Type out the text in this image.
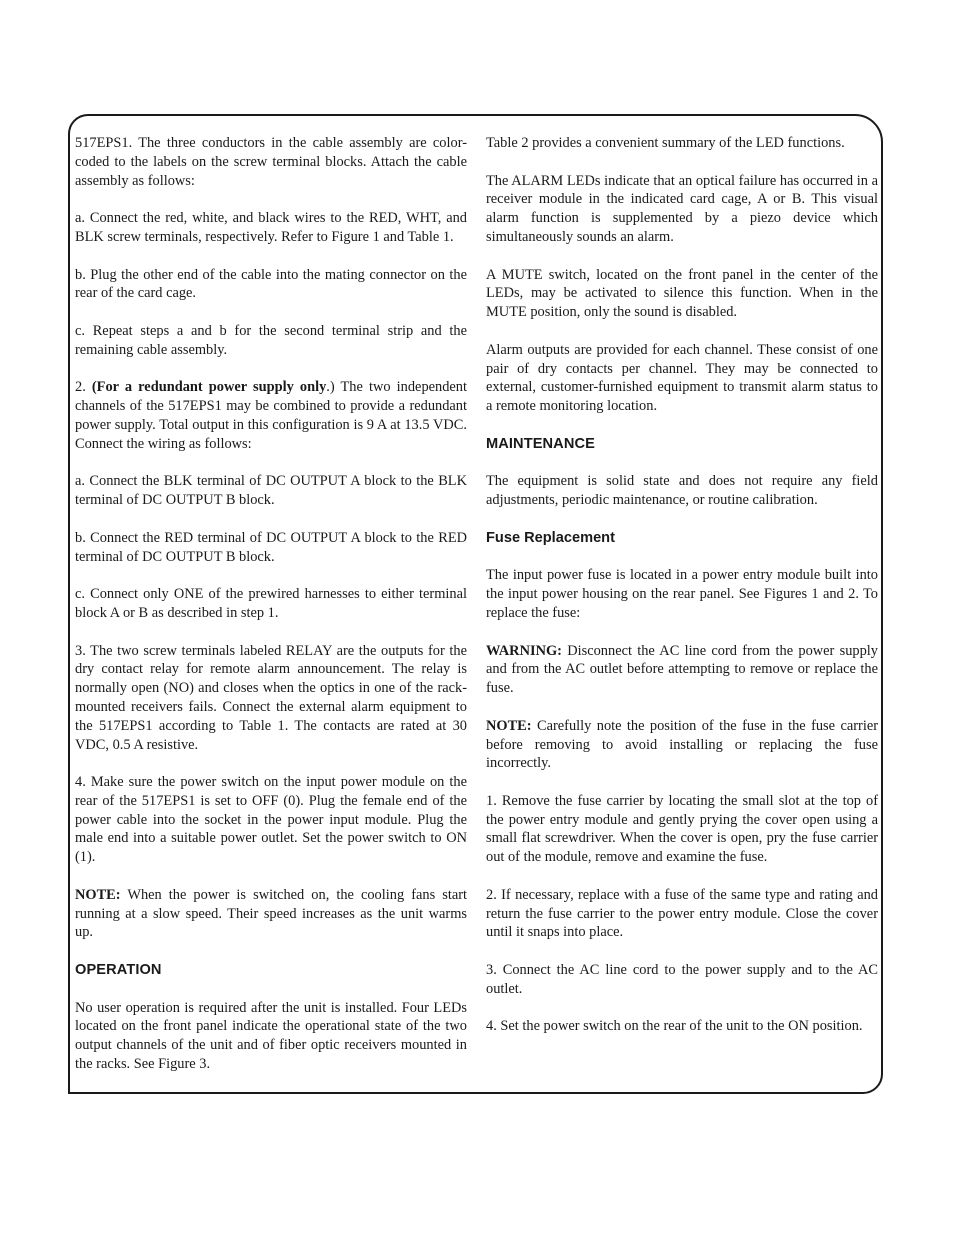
517EPS1. The three conductors in the cable assembly are color-coded to the labels on the screw terminal blocks. Attach the cable assembly as follows:

a. Connect the red, white, and black wires to the RED, WHT, and BLK screw terminals, respectively. Refer to Figure 1 and Table 1.

b. Plug the other end of the cable into the mating connector on the rear of the card cage.

c. Repeat steps a and b for the second terminal strip and the remaining cable assembly.

2. (For a redundant power supply only.) The two independent channels of the 517EPS1 may be combined to provide a redundant power supply. Total output in this configuration is 9 A at 13.5 VDC. Connect the wiring as follows:

a. Connect the BLK terminal of DC OUTPUT A block to the BLK terminal of DC OUTPUT B block.

b. Connect the RED terminal of DC OUTPUT A block to the RED terminal of DC OUTPUT B block.

c. Connect only ONE of the prewired harnesses to either terminal block A or B as described in step 1.

3. The two screw terminals labeled RELAY are the outputs for the dry contact relay for remote alarm announcement. The relay is normally open (NO) and closes when the optics in one of the rack-mounted receivers fails. Connect the external alarm equipment to the 517EPS1 according to Table 1. The contacts are rated at 30 VDC, 0.5 A resistive.

4. Make sure the power switch on the input power module on the rear of the 517EPS1 is set to OFF (0). Plug the female end of the power cable into the socket in the power input module. Plug the male end into a suitable power outlet. Set the power switch to ON (1).

NOTE: When the power is switched on, the cooling fans start running at a slow speed. Their speed increases as the unit warms up.

OPERATION

No user operation is required after the unit is installed. Four LEDs located on the front panel indicate the operational state of the two output channels of the unit and of fiber optic receivers mounted in the racks. See Figure 3.

Table 2 provides a convenient summary of the LED functions.

The ALARM LEDs indicate that an optical failure has occurred in a receiver module in the indicated card cage, A or B. This visual alarm function is supplemented by a piezo device which simultaneously sounds an alarm.

A MUTE switch, located on the front panel in the center of the LEDs, may be activated to silence this function. When in the MUTE position, only the sound is disabled.

Alarm outputs are provided for each channel. These consist of one pair of dry contacts per channel. They may be connected to external, customer-furnished equipment to transmit alarm status to a remote monitoring location.

MAINTENANCE

The equipment is solid state and does not require any field adjustments, periodic maintenance, or routine calibration.

Fuse Replacement

The input power fuse is located in a power entry module built into the input power housing on the rear panel. See Figures 1 and 2. To replace the fuse:

WARNING: Disconnect the AC line cord from the power supply and from the AC outlet before attempting to remove or replace the fuse.

NOTE: Carefully note the position of the fuse in the fuse carrier before removing to avoid installing or replacing the fuse incorrectly.

1. Remove the fuse carrier by locating the small slot at the top of the power entry module and gently prying the cover open using a small flat screwdriver. When the cover is open, pry the fuse carrier out of the module, remove and examine the fuse.

2. If necessary, replace with a fuse of the same type and rating and return the fuse carrier to the power entry module. Close the cover until it snaps into place.

3. Connect the AC line cord to the power supply and to the AC outlet.

4. Set the power switch on the rear of the unit to the ON position.
